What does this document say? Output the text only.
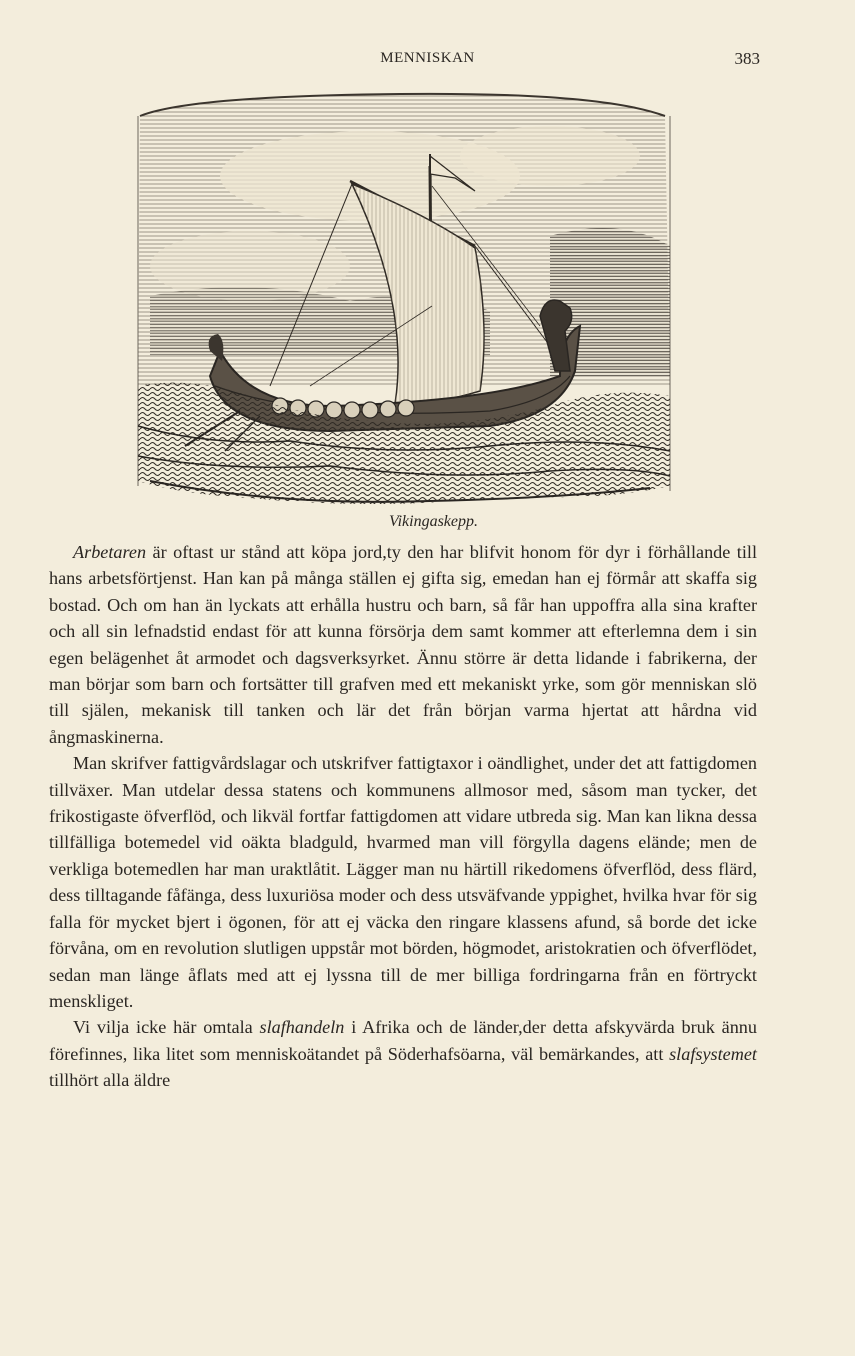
MENNISKAN	383
Vikingaskepp.

Arbetaren är oftast ur stånd att köpa jord,ty den har blifvit honom för dyr i förhållande till hans arbetsförtjenst. Han kan på många ställen ej gifta sig, emedan han ej förmår att skaffa sig bostad. Och om han än lyckats att erhålla hustru och barn, så får han uppoffra alla sina krafter och all sin lefnadstid endast för att kunna försörja dem samt kommer att efterlemna dem i sin egen belägenhet åt armodet och dagsverksyrket. Ännu större är detta lidande i fabrikerna, der man börjar som barn och fortsätter till grafven med ett mekaniskt yrke, som gör menniskan slö till själen, mekanisk till tanken och lär det från början varma hjertat att hårdna vid ångmaskinerna.

Man skrifver fattigvårdslagar och utskrifver fattigtaxor i oändlighet, under det att fattigdomen tillväxer. Man utdelar dessa statens och kommunens allmosor med, såsom man tycker, det frikostigaste öfverflöd, och likväl fortfar fattigdomen att vidare utbreda sig. Man kan likna dessa tillfälliga botemedel vid oäkta bladguld, hvarmed man vill förgylla dagens elände; men de verkliga botemedlen har man uraktlåtit. Lägger man nu härtill rikedomens öfverflöd, dess flärd, dess tilltagande fåfänga, dess luxuriösa moder och dess utsväfvande yppighet, hvilka hvar för sig falla för mycket bjert i ögonen, för att ej väcka den ringare klassens afund, så borde det icke förvåna, om en revolution slutligen uppstår mot börden, högmodet, aristokratien och öfverflödet, sedan man länge åflats med att ej lyssna till de mer billiga fordringarna från en förtryckt menskliget.

Vi vilja icke här omtala slafhandeln i Afrika och de länder,der detta afskyvärda bruk ännu förefinnes, lika litet som menniskoätandet på Söderhafsöarna, väl bemärkandes, att slafsystemet tillhört alla äldre
